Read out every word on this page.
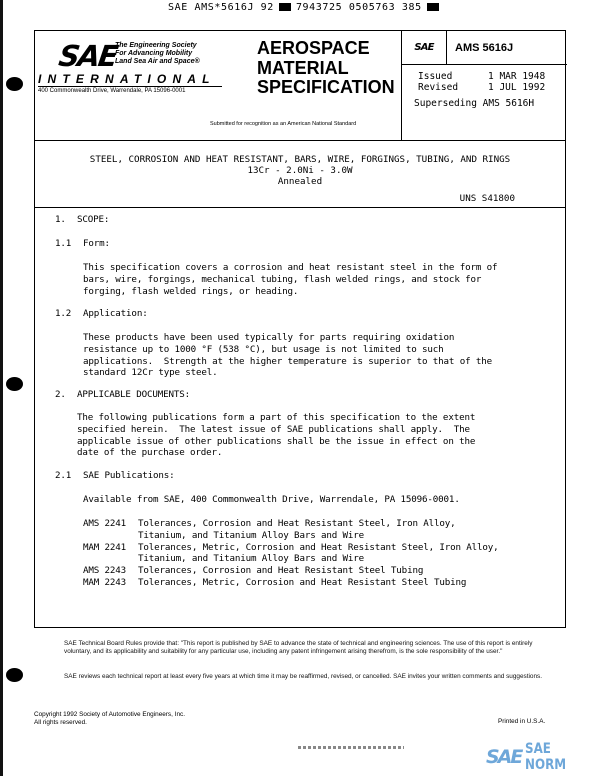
SAE AMS*5616J 92 7943725 0505763 385
SAE
The Engineering Society
For Advancing Mobility
Land Sea Air and Space®
INTERNATIONAL
400 Commonwealth Drive, Warrendale, PA 15096-0001
AEROSPACE
MATERIAL
SPECIFICATION
Submitted for recognition as an American National Standard
SAE	AMS 5616J
Issued	1 MAR 1948
Revised	1 JUL 1992
Superseding AMS 5616H
STEEL, CORROSION AND HEAT RESISTANT, BARS, WIRE, FORGINGS, TUBING, AND RINGS
13Cr - 2.0Ni - 3.0W
Annealed
UNS S41800
1. SCOPE:
1.1 Form:
This specification covers a corrosion and heat resistant steel in the form of
bars, wire, forgings, mechanical tubing, flash welded rings, and stock for
forging, flash welded rings, or heading.
1.2 Application:
These products have been used typically for parts requiring oxidation
resistance up to 1000 °F (538 °C), but usage is not limited to such
applications.  Strength at the higher temperature is superior to that of the
standard 12Cr type steel.
2. APPLICABLE DOCUMENTS:
The following publications form a part of this specification to the extent
specified herein.  The latest issue of SAE publications shall apply.  The
applicable issue of other publications shall be the issue in effect on the
date of the purchase order.
2.1 SAE Publications:
Available from SAE, 400 Commonwealth Drive, Warrendale, PA 15096-0001.
AMS 2241 Tolerances, Corrosion and Heat Resistant Steel, Iron Alloy,
Titanium, and Titanium Alloy Bars and Wire
MAM 2241 Tolerances, Metric, Corrosion and Heat Resistant Steel, Iron Alloy,
Titanium, and Titanium Alloy Bars and Wire
AMS 2243 Tolerances, Corrosion and Heat Resistant Steel Tubing
MAM 2243 Tolerances, Metric, Corrosion and Heat Resistant Steel Tubing
SAE Technical Board Rules provide that: "This report is published by SAE to advance the state of technical and engineering sciences. The use of this report is entirely voluntary, and its applicability and suitability for any particular use, including any patent infringement arising therefrom, is the sole responsibility of the user."
SAE reviews each technical report at least every five years at which time it may be reaffirmed, revised, or cancelled. SAE invites your written comments and suggestions.
Copyright 1992 Society of Automotive Engineers, Inc.
All rights reserved.	Printed in U.S.A.
SAE SAE NORM
